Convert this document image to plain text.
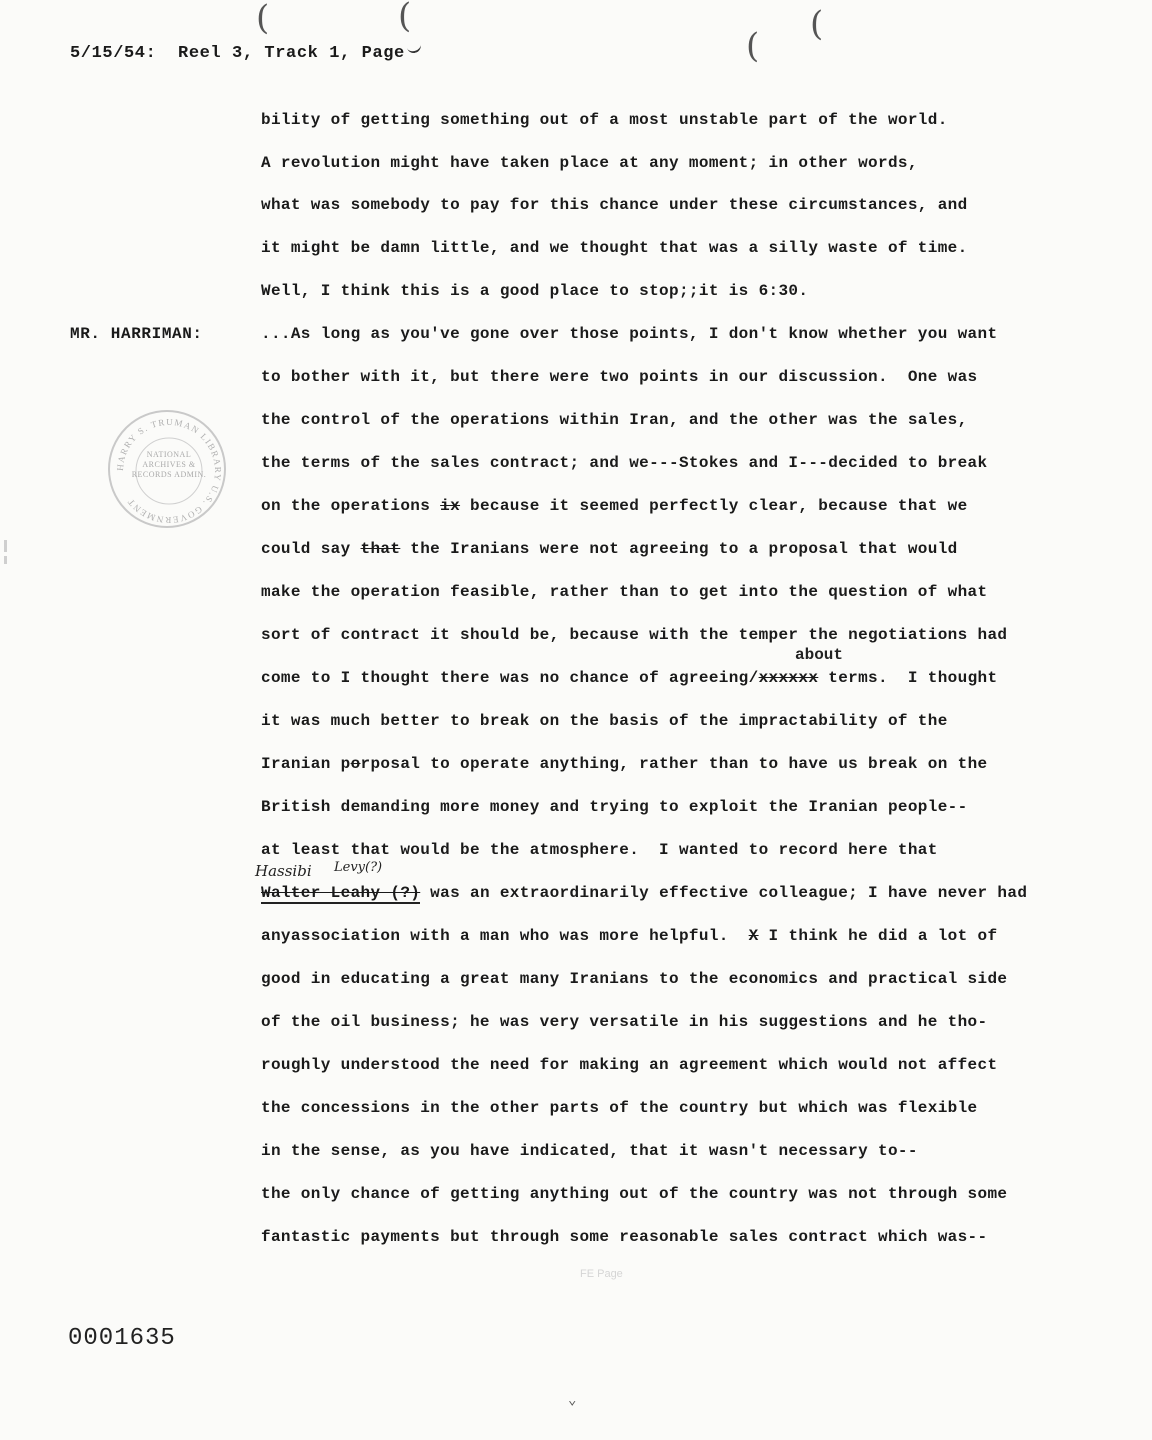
(	(
(
(
5/15/54:  Reel 3, Track 1, Page
MR. HARRIMAN:
bility of getting something out of a most unstable part of the world.
A revolution might have taken place at any moment; in other words,
what was somebody to pay for this chance under these circumstances, and
it might be damn little, and we thought that was a silly waste of time.
Well, I think this is a good place to stop;;it is 6:30.
...As long as you've gone over those points, I don't know whether you want
to bother with it, but there were two points in our discussion.  One was
the control of the operations within Iran, and the other was the sales,
the terms of the sales contract; and we---Stokes and I---decided to break
on the operations ix because it seemed perfectly clear, because that we
could say that the Iranians were not agreeing to a proposal that would
make the operation feasible, rather than to get into the question of what
sort of contract it should be, because with the temper the negotiations had
about
come to I thought there was no chance of agreeing/xxxxxx terms.  I thought
it was much better to break on the basis of the impractability of the
Iranian porposal to operate anything, rather than to have us break on the
British demanding more money and trying to exploit the Iranian people--
at least that would be the atmosphere.  I wanted to record here that
Hassibi Levy(?)
Walter Leahy (?) was an extraordinarily effective colleague; I have never had
anyassociation with a man who was more helpful.  X I think he did a lot of
good in educating a great many Iranians to the economics and practical side
of the oil business; he was very versatile in his suggestions and he tho-
roughly understood the need for making an agreement which would not affect
the concessions in the other parts of the country but which was flexible
in the sense, as you have indicated, that it wasn't necessary to--
the only chance of getting anything out of the country was not through some
fantastic payments but through some reasonable sales contract which was--
HARRY S. TRUMAN LIBRARY U.S. GOVERNMENT
NATIONAL ARCHIVES & RECORDS ADMIN.
FE Page
0001635
⌄
